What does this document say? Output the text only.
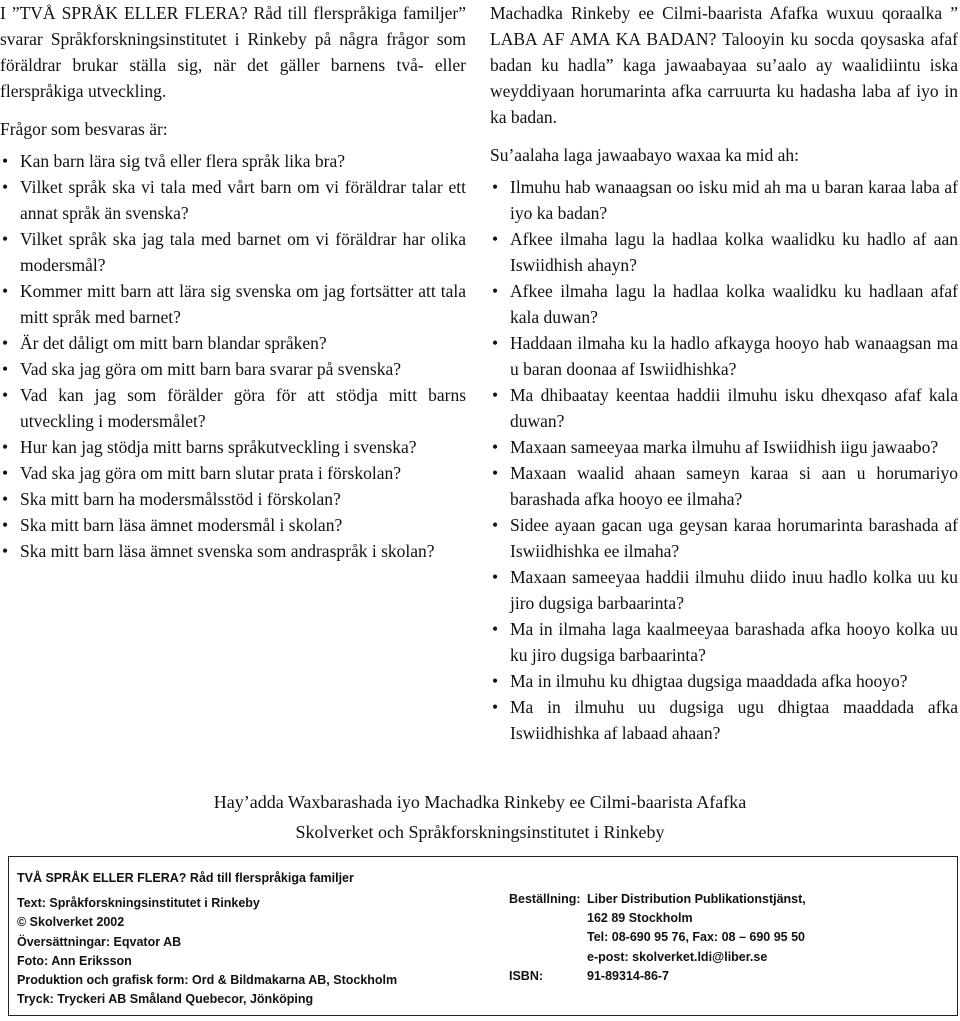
I ”TVÅ SPRÅK ELLER FLERA? Råd till flerspråkiga familjer” svarar Språkforskningsinstitutet i Rinkeby på några frågor som föräldrar brukar ställa sig, när det gäller barnens två- eller flerspråkiga utveckling.

Frågor som besvaras är:

• Kan barn lära sig två eller flera språk lika bra?
• Vilket språk ska vi tala med vårt barn om vi föräldrar talar ett annat språk än svenska?
• Vilket språk ska jag tala med barnet om vi föräldrar har olika modersmål?
• Kommer mitt barn att lära sig svenska om jag fortsätter att tala mitt språk med barnet?
• Är det dåligt om mitt barn blandar språken?
• Vad ska jag göra om mitt barn bara svarar på svenska?
• Vad kan jag som förälder göra för att stödja mitt barns utveckling i modersmålet?
• Hur kan jag stödja mitt barns språkutveckling i svenska?
• Vad ska jag göra om mitt barn slutar prata i förskolan?
• Ska mitt barn ha modersmålsstöd i förskolan?
• Ska mitt barn läsa ämnet modersmål i skolan?
• Ska mitt barn läsa ämnet svenska som andraspråk i skolan?

Machadka Rinkeby ee Cilmi-baarista Afafka wuxuu qoraalka ” LABA AF AMA KA BADAN? Talooyin ku socda qoysaska afaf badan ku hadla” kaga jawaabayaa su’aalo ay waalidiintu iska weyddiyaan horumarinta afka carruurta ku hadasha laba af iyo in ka badan.

Su’aalaha laga jawaabayo waxaa ka mid ah:

• Ilmuhu hab wanaagsan oo isku mid ah ma u baran karaa laba af iyo ka badan?
• Afkee ilmaha lagu la hadlaa kolka waalidku ku hadlo af aan Iswiidhish ahayn?
• Afkee ilmaha lagu la hadlaa kolka waalidku ku hadlaan afaf kala duwan?
• Haddaan ilmaha ku la hadlo afkayga hooyo hab wanaagsan ma u baran doonaa af Iswiidhishka?
• Ma dhibaatay keentaa haddii ilmuhu isku dhexqaso afaf kala duwan?
• Maxaan sameeyaa marka ilmuhu af Iswiidhish iigu jawaabo?
• Maxaan waalid ahaan sameyn karaa si aan u horumariyo barashada afka hooyo ee ilmaha?
• Sidee ayaan gacan uga geysan karaa horumarinta barashada af Iswiidhishka ee ilmaha?
• Maxaan sameeyaa haddii ilmuhu diido inuu hadlo kolka uu ku jiro dugsiga barbaarinta?
• Ma in ilmaha laga kaalmeeyaa barashada afka hooyo kolka uu ku jiro dugsiga barbaarinta?
• Ma in ilmuhu ku dhigtaa dugsiga maaddada afka hooyo?
• Ma in ilmuhu uu dugsiga ugu dhigtaa maaddada afka Iswiidhishka af labaad ahaan?
Hay’adda Waxbarashada iyo Machadka Rinkeby ee Cilmi-baarista Afafka
Skolverket och Språkforskningsinstitutet i Rinkeby
TVÅ SPRÅK ELLER FLERA? Råd till flerspråkiga familjer
Text: Språkforskningsinstitutet i Rinkeby
© Skolverket 2002
Översättningar: Eqvator AB
Foto: Ann Eriksson
Produktion och grafisk form: Ord & Bildmakarna AB, Stockholm
Tryck: Tryckeri AB Småland Quebecor, Jönköping
Beställning: Liber Distribution Publikationstjänst,
162 89 Stockholm
Tel: 08-690 95 76, Fax: 08 – 690 95 50
e-post: skolverket.ldi@liber.se
ISBN:	91-89314-86-7
